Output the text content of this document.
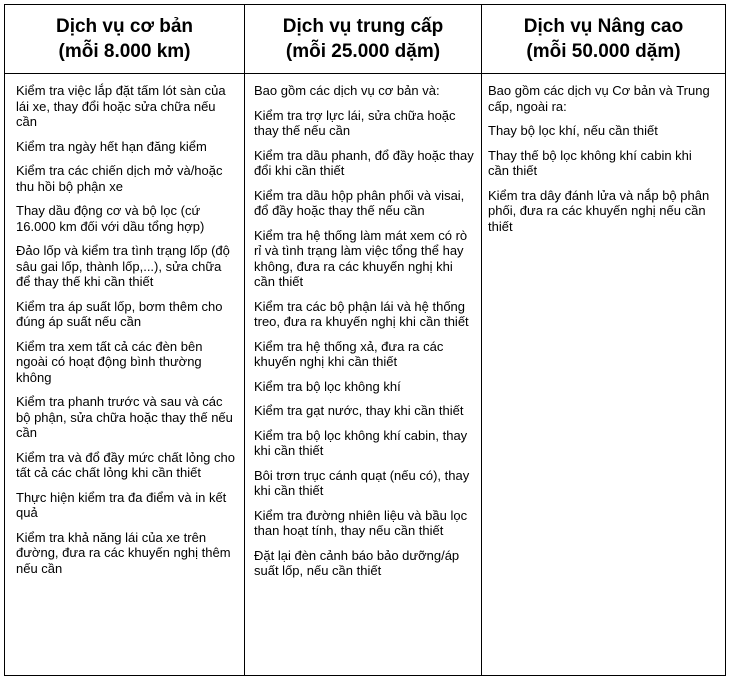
Dịch vụ cơ bản
(mỗi 8.000 km)
Dịch vụ trung cấp
(mỗi 25.000 dặm)
Dịch vụ Nâng cao
(mỗi 50.000 dặm)
Kiểm tra việc lắp đặt tấm lót sàn của lái xe, thay đổi hoặc sửa chữa nếu cần
Kiểm tra ngày hết hạn đăng kiểm
Kiểm tra các chiến dịch mở và/hoặc thu hồi bộ phận xe
Thay dầu động cơ và bộ lọc (cứ 16.000 km đối với dầu tổng hợp)
Đảo lốp và kiểm tra tình trạng lốp (độ sâu gai lốp, thành lốp,...), sửa chữa để thay thế khi cần thiết
Kiểm tra áp suất lốp, bơm thêm cho đúng áp suất nếu cần
Kiểm tra xem tất cả các đèn bên ngoài có hoạt động bình thường không
Kiểm tra phanh trước và sau và các bộ phận, sửa chữa hoặc thay thế nếu cần
Kiểm tra và đổ đầy mức chất lỏng cho tất cả các chất lỏng khi cần thiết
Thực hiện kiểm tra đa điểm và in kết quả
Kiểm tra khả năng lái của xe trên đường, đưa ra các khuyến nghị thêm nếu cần
Bao gồm các dịch vụ cơ bản và:
Kiểm tra trợ lực lái, sửa chữa hoặc thay thế nếu cần
Kiểm tra dầu phanh, đổ đầy hoặc thay đổi khi cần thiết
Kiểm tra dầu hộp phân phối và visai, đổ đầy hoặc thay thế nếu cần
Kiểm tra hệ thống làm mát xem có rò rỉ và tình trạng làm việc tổng thể hay không, đưa ra các khuyến nghị khi cần thiết
Kiểm tra các bộ phận lái và hệ thống treo, đưa ra khuyến nghị khi cần thiết
Kiểm tra hệ thống xả, đưa ra các khuyến nghị khi cần thiết
Kiểm tra bộ lọc không khí
Kiểm tra gạt nước, thay khi cần thiết
Kiểm tra bộ lọc không khí cabin, thay khi cần thiết
Bôi trơn trục cánh quạt (nếu có), thay khi cần thiết
Kiểm tra đường nhiên liệu và bầu lọc than hoạt tính, thay nếu cần thiết
Đặt lại đèn cảnh báo bảo dưỡng/áp suất lốp, nếu cần thiết
Bao gồm các dịch vụ Cơ bản và Trung cấp, ngoài ra:
Thay bộ lọc khí, nếu cần thiết
Thay thế bộ lọc không khí cabin khi cần thiết
Kiểm tra dây đánh lửa và nắp bộ phân phối, đưa ra các khuyến nghị nếu cần thiết
